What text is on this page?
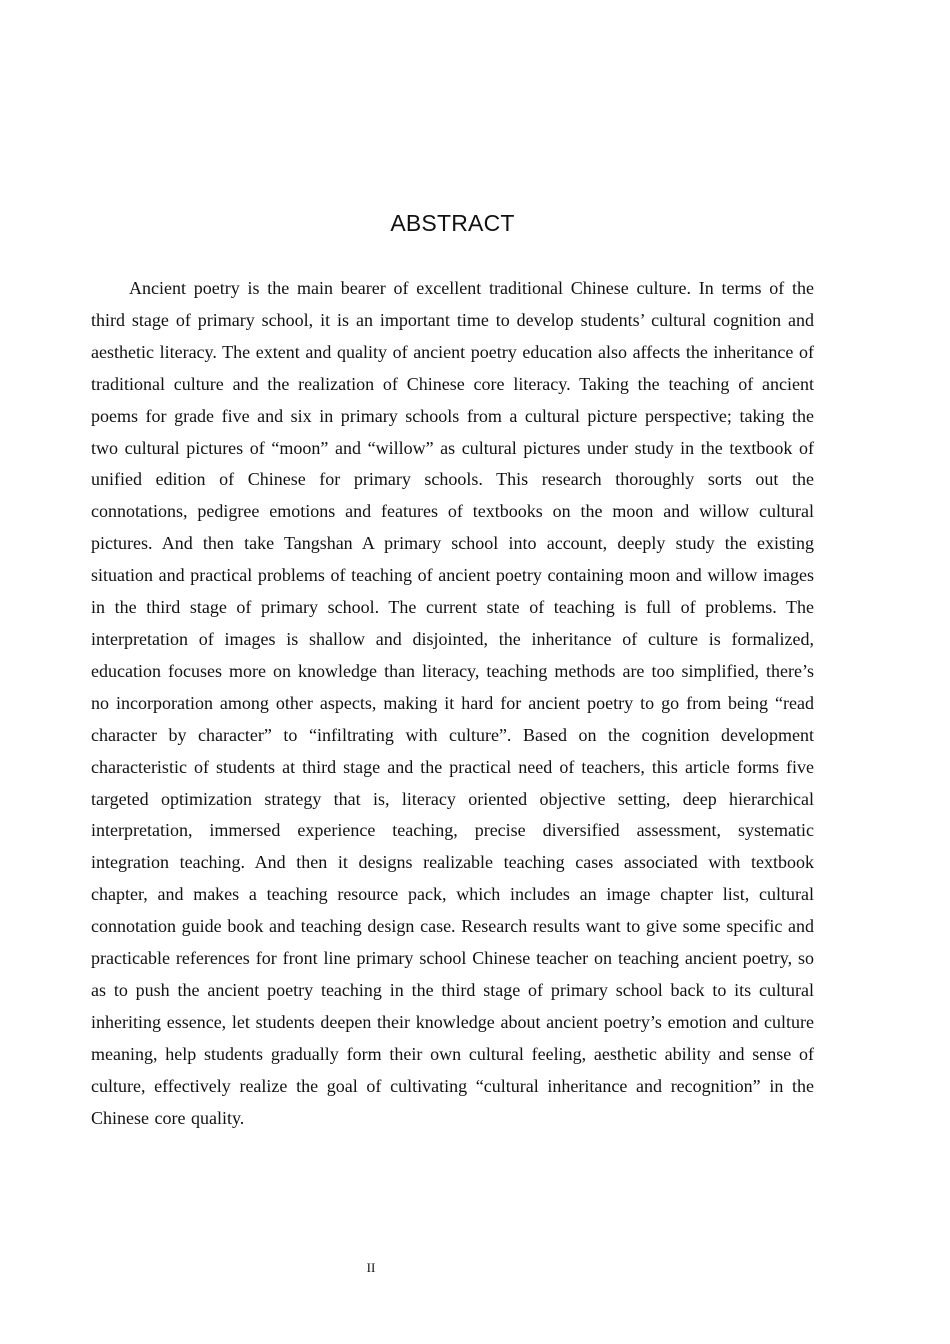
ABSTRACT

Ancient poetry is the main bearer of excellent traditional Chinese culture. In terms of the third stage of primary school, it is an important time to develop students’ cultural cognition and aesthetic literacy. The extent and quality of ancient poetry education also affects the inheritance of traditional culture and the realization of Chinese core literacy. Taking the teaching of ancient poems for grade five and six in primary schools from a cultural picture perspective; taking the two cultural pictures of “moon” and “willow” as cultural pictures under study in the textbook of unified edition of Chinese for primary schools. This research thoroughly sorts out the connotations, pedigree emotions and features of textbooks on the moon and willow cultural pictures. And then take Tangshan A primary school into account, deeply study the existing situation and practical problems of teaching of ancient poetry containing moon and willow images in the third stage of primary school. The current state of teaching is full of problems. The interpretation of images is shallow and disjointed, the inheritance of culture is formalized, education focuses more on knowledge than literacy, teaching methods are too simplified, there’s no incorporation among other aspects, making it hard for ancient poetry to go from being “read character by character” to “infiltrating with culture”. Based on the cognition development characteristic of students at third stage and the practical need of teachers, this article forms five targeted optimization strategy that is, literacy oriented objective setting, deep hierarchical interpretation, immersed experience teaching, precise diversified assessment, systematic integration teaching. And then it designs realizable teaching cases associated with textbook chapter, and makes a teaching resource pack, which includes an image chapter list, cultural connotation guide book and teaching design case. Research results want to give some specific and practicable references for front line primary school Chinese teacher on teaching ancient poetry, so as to push the ancient poetry teaching in the third stage of primary school back to its cultural inheriting essence, let students deepen their knowledge about ancient poetry’s emotion and culture meaning, help students gradually form their own cultural feeling, aesthetic ability and sense of culture, effectively realize the goal of cultivating “cultural inheritance and recognition” in the Chinese core quality.

II
